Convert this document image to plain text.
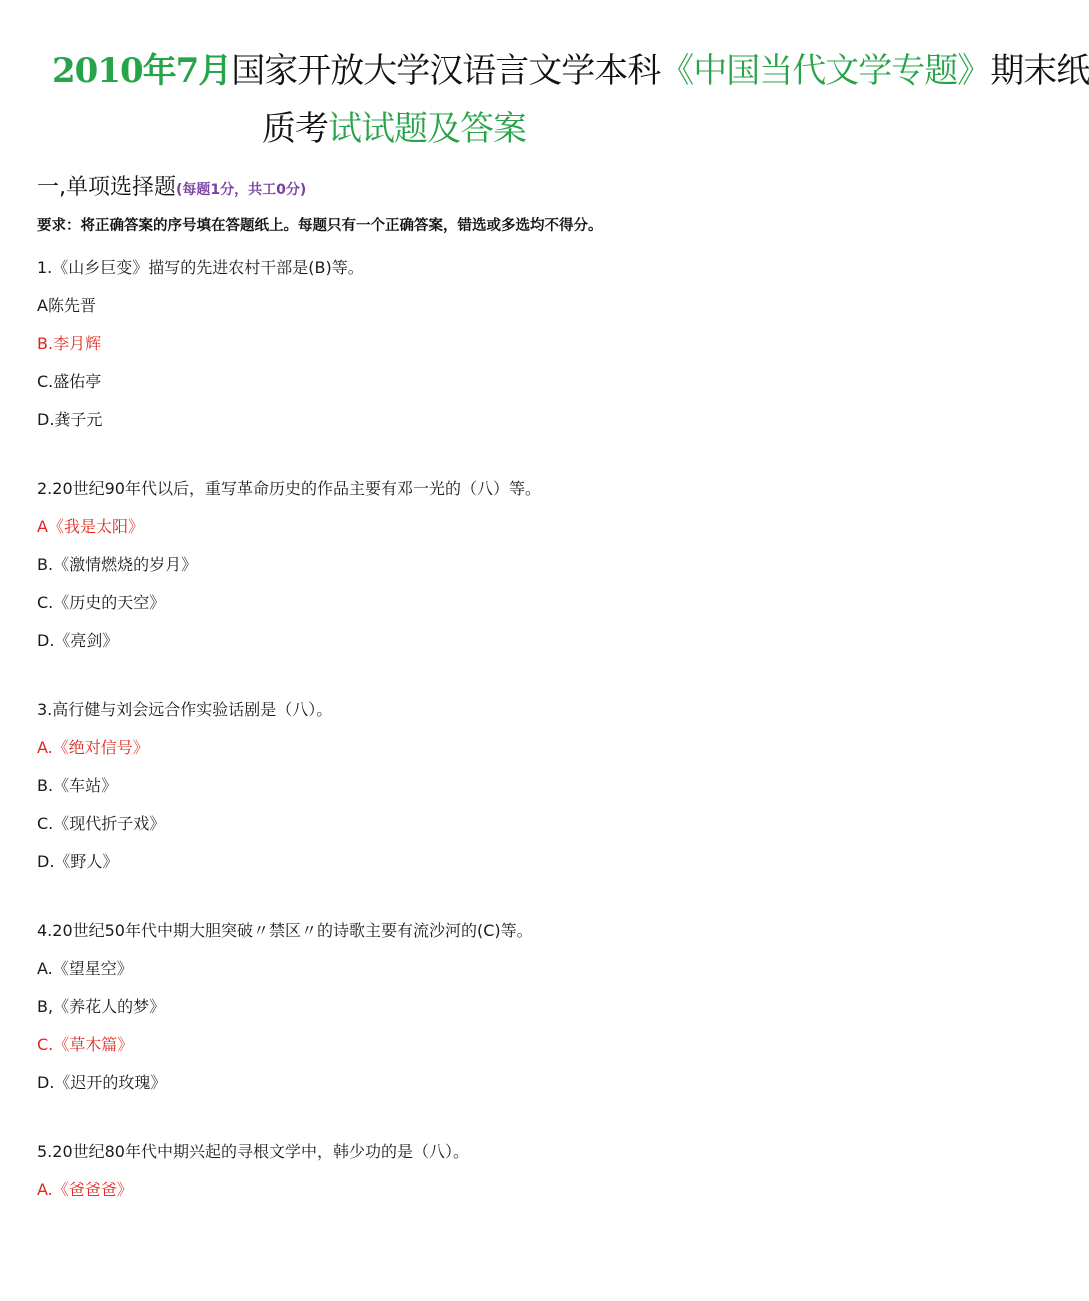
2010年7月国家开放大学汉语言文学本科《中国当代文学专题》期末纸
质考试试题及答案
一,单项选择题(每题1分，共工0分)
要求：将正确答案的序号填在答题纸上。每题只有一个正确答案，错选或多选均不得分。
1.《山乡巨变》描写的先进农村干部是(B)等。
A陈先晋
B.李月辉
C.盛佑亭
D.龚子元
2.20世纪90年代以后，重写革命历史的作品主要有邓一光的（八）等。
A《我是太阳》
B.《激情燃烧的岁月》
C.《历史的天空》
D.《亮剑》
3.高行健与刘会远合作实验话剧是（八）。
A.《绝对信号》
B.《车站》
C.《现代折子戏》
D.《野人》
4.20世纪50年代中期大胆突破〃禁区〃的诗歌主要有流沙河的(C)等。
A.《望星空》
B,《养花人的梦》
C.《草木篇》
D.《迟开的玫瑰》
5.20世纪80年代中期兴起的寻根文学中，韩少功的是（八）。
A.《爸爸爸》
